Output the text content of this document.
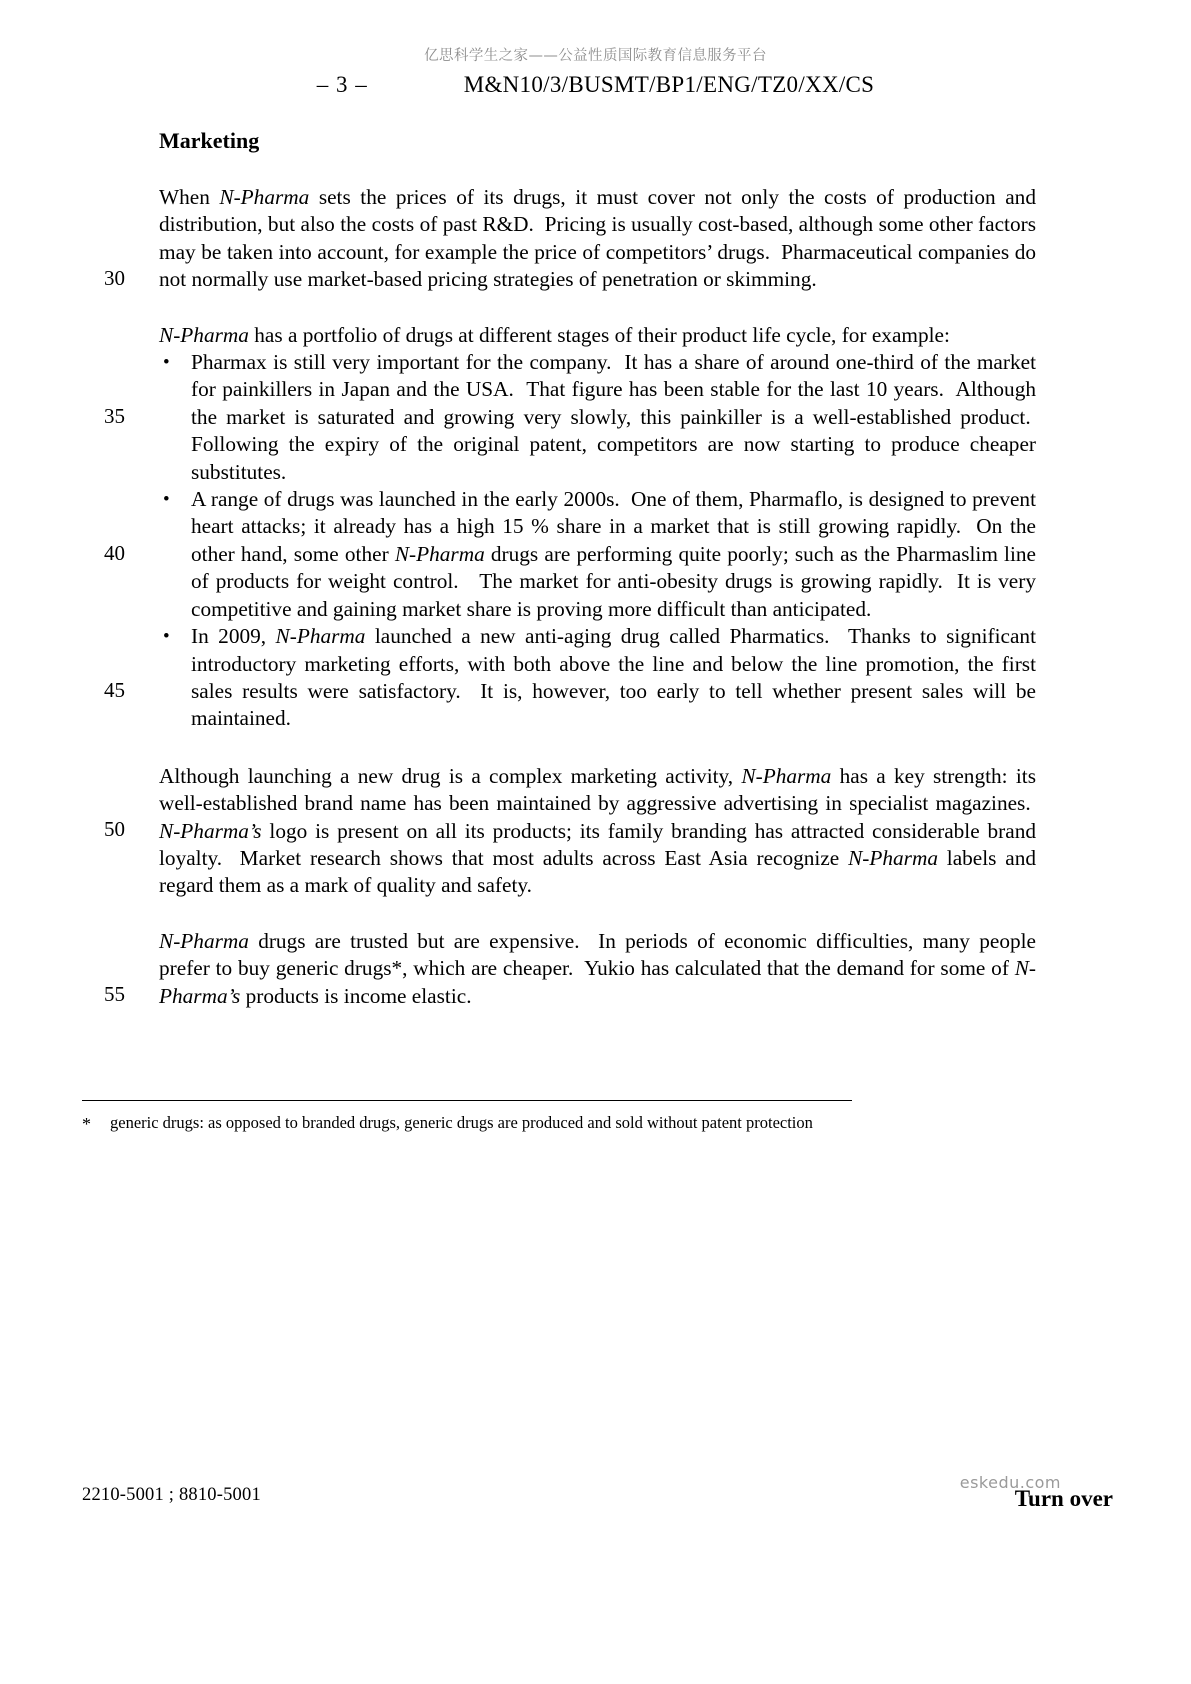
亿思科学生之家——公益性质国际教育信息服务平台
– 3 –	M&N10/3/BUSMT/BP1/ENG/TZ0/XX/CS
Marketing
30

When N-Pharma sets the prices of its drugs, it must cover not only the costs of production and distribution, but also the costs of past R&D.  Pricing is usually cost-based, although some other factors may be taken into account, for example the price of competitors’ drugs.  Pharmaceutical companies do not normally use market-based pricing strategies of penetration or skimming.

35
40
45

N-Pharma has a portfolio of drugs at different stages of their product life cycle, for example:

• Pharmax is still very important for the company.  It has a share of around one-third of the market for painkillers in Japan and the USA.  That figure has been stable for the last 10 years.  Although the market is saturated and growing very slowly, this painkiller is a well-established product.  Following the expiry of the original patent, competitors are now starting to produce cheaper substitutes.
• A range of drugs was launched in the early 2000s.  One of them, Pharmaflo, is designed to prevent heart attacks; it already has a high 15 % share in a market that is still growing rapidly.  On the other hand, some other N-Pharma drugs are performing quite poorly; such as the Pharmaslim line of products for weight control.   The market for anti-obesity drugs is growing rapidly.  It is very competitive and gaining market share is proving more difficult than anticipated.
• In 2009, N-Pharma launched a new anti-aging drug called Pharmatics.  Thanks to significant introductory marketing efforts, with both above the line and below the line promotion, the first sales results were satisfactory.  It is, however, too early to tell whether present sales will be maintained.
50

Although launching a new drug is a complex marketing activity, N-Pharma has a key strength: its well-established brand name has been maintained by aggressive advertising in specialist magazines.  N-Pharma’s logo is present on all its products; its family branding has attracted considerable brand loyalty.  Market research shows that most adults across East Asia recognize N-Pharma labels and regard them as a mark of quality and safety.

55

N-Pharma drugs are trusted but are expensive.  In periods of economic difficulties, many people prefer to buy generic drugs*, which are cheaper.  Yukio has calculated that the demand for some of N-Pharma’s products is income elastic.

* generic drugs: as opposed to branded drugs, generic drugs are produced and sold without patent protection
eskedu.com
2210-5001 ; 8810-5001	Turn over
